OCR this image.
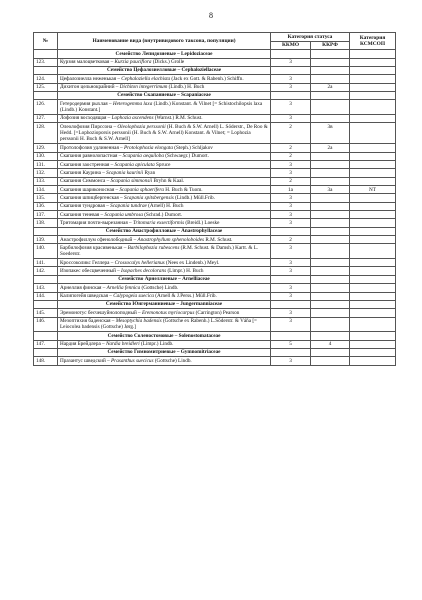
8
№	Наименование вида (внутривидового таксона, популяции)	Категория статуса		Категория КСМСОП
		ККМО	ККРФ	
	Семейство Лепидозиевые – Lepidoziaceae			
123.	Курзия малоцветковая – Kurzia pauciflora (Dicks.) Grolle	3		
	Семейство Цефалозиелловые – Cephaloziellaceae			
124.	Цефалозиелла неженькая – Cephaloziella elachista (Jack ex Gott. & Rabenh.) Schiffn.	3		
125.	Дихитон цельнокрайний – Dichiton integerrimum (Lindb.) H. Buch	3	2а	
	Семейство Скапаниевые – Scapaniaceae			
126.	Гетеродермия рыхлая – Heterogemma laxa (Lindb.) Konstant. & Vilnet [= Schistochilopsis laxa (Lindb.) Konstant.]	3		
127.	Лофозия восходящая – Lophozia ascendens (Warnst.) R.M. Schust.	3		
128.	Олеолофозия Пирссона – Oleolophozia perssonii (H. Buch & S.W. Arnell) L. Söderstr., De Roo & Hedd. [=Lophozioporsis perssonii (H. Buch & S.W. Arnell) Konstant. & Vilnet; = Lophozia perssonii H. Buch & S.W. Arnell]	2	3в	
129.	Протолофозия удлиненная – Protolophozia elongata (Steph.) Schljakov	2	2а	
130.	Скапания равнолопастная – Scapania aequiloba (Schwaegr.) Dumort.	2		
131.	Скапания заостренная – Scapania apiculata Spruce	3		
132.	Скапания Каурина – Scapania kaurinii Ryan	3		
133.	Скапания Симмонса – Scapania simmonsii Bryhn & Kaal.	2		
134.	Скапания шариконосная – Scapania sphaerifera H. Buch & Tuom.	1а	3а	NT
135.	Скапания шпицбергенская – Scapania spitsbergensis (Lindb.) Müll.Frib.	3		
136.	Скапания тундровая – Scapania tundrae (Arnell) H. Buch	3		
137.	Скапания теневая – Scapania umbrosa (Schrad.) Dumort.	3		
138.	Тритомария почти-вырезанная – Tritomaria exsectiformis (Breidl.) Loeske	3		
	Семейство Анастрофилловые – Anastrophyllaceae			
139.	Анастрофиллум сфенолободный – Anastrophyllum sphenoloboides R.M. Schust.	2		
140.	Барбилофозия красивенькая – Barbilophozia rubescens (R.M. Schust. & Damsh.) Kartt. & L. Soederstr.	3		
141.	Кроссоколикс Геллера – Crossocalyx hellerianus (Nees ex Lindenb.) Meyl.	3		
142.	Изопакес обесцвеченный – Isopaches decolorans (Limpr.) H. Buch	3		
	Семейство Арнеллиевые – Arnelliaceae			
143.	Арнеллия финская – Arnellia fennica (Gottsche) Lindb.	3		
144.	Калипогейя шведская – Calypogeia suecica (Arnell & J.Perss.) Müll.Frib.	3		
	Семейство Юнгерманниевые – Jungermanniaceae			
145.	Эремонотус бесчешуйнолоподный – Eremonotus myriocarpus (Carrington) Pearson	3		
146.	Мезоптихия баденская – Mesoptychia badensis (Gottsche ex Rabenh.) L.Söderstr. & Váňa [= Leiocolea badensis (Gottsche) Jørg.]	3		
	Семейство Соленостомовые – Solenostomataceae			
147.	Нардия Брейдлера – Nardia breidleri (Limpr.) Lindb.	5	4	
	Семейство Гимномитриевые – Gymnomitriaceae			
148.	Празантус шведский – Prasanthus suecicus (Gottsche) Lindb.	3		
